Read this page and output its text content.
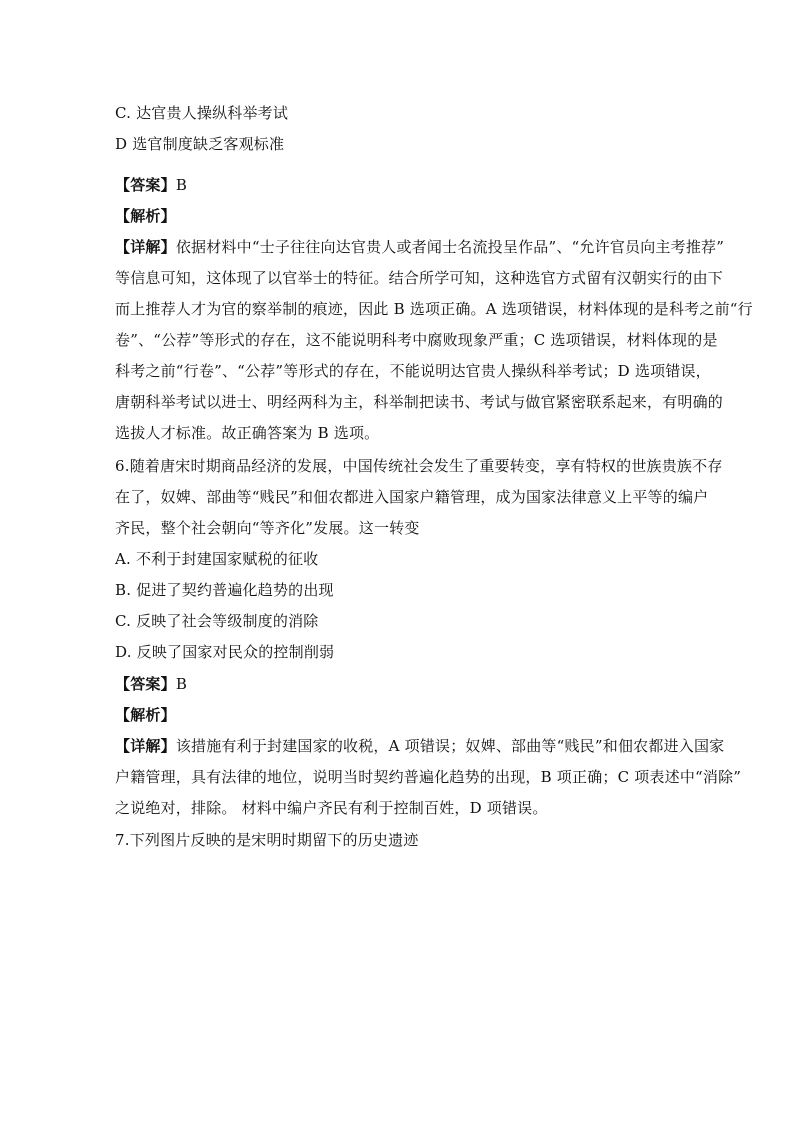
C. 达官贵人操纵科举考试
D 选官制度缺乏客观标准
【答案】B
【解析】
【详解】依据材料中“士子往往向达官贵人或者闻士名流投呈作品”、“允许官员向主考推荐”
等信息可知，这体现了以官举士的特征。结合所学可知，这种选官方式留有汉朝实行的由下
而上推荐人才为官的察举制的痕迹，因此 B 选项正确。A 选项错误，材料体现的是科考之前“行
卷”、“公荐”等形式的存在，这不能说明科考中腐败现象严重；C 选项错误，材料体现的是
科考之前“行卷”、“公荐”等形式的存在，不能说明达官贵人操纵科举考试；D 选项错误，
唐朝科举考试以进士、明经两科为主，科举制把读书、考试与做官紧密联系起来，有明确的
选拔人才标准。故正确答案为 B 选项。
6.随着唐宋时期商品经济的发展，中国传统社会发生了重要转变，享有特权的世族贵族不存
在了，奴婢、部曲等“贱民”和佃农都进入国家户籍管理，成为国家法律意义上平等的编户
齐民，整个社会朝向“等齐化”发展。这一转变
A. 不利于封建国家赋税的征收
B. 促进了契约普遍化趋势的出现
C. 反映了社会等级制度的消除
D. 反映了国家对民众的控制削弱
【答案】B
【解析】
【详解】该措施有利于封建国家的收税，A 项错误；奴婢、部曲等“贱民”和佃农都进入国家
户籍管理，具有法律的地位，说明当时契约普遍化趋势的出现，B 项正确；C 项表述中“消除”
之说绝对，排除。 材料中编户齐民有利于控制百姓，D 项错误。
7.下列图片反映的是宋明时期留下的历史遗迹
